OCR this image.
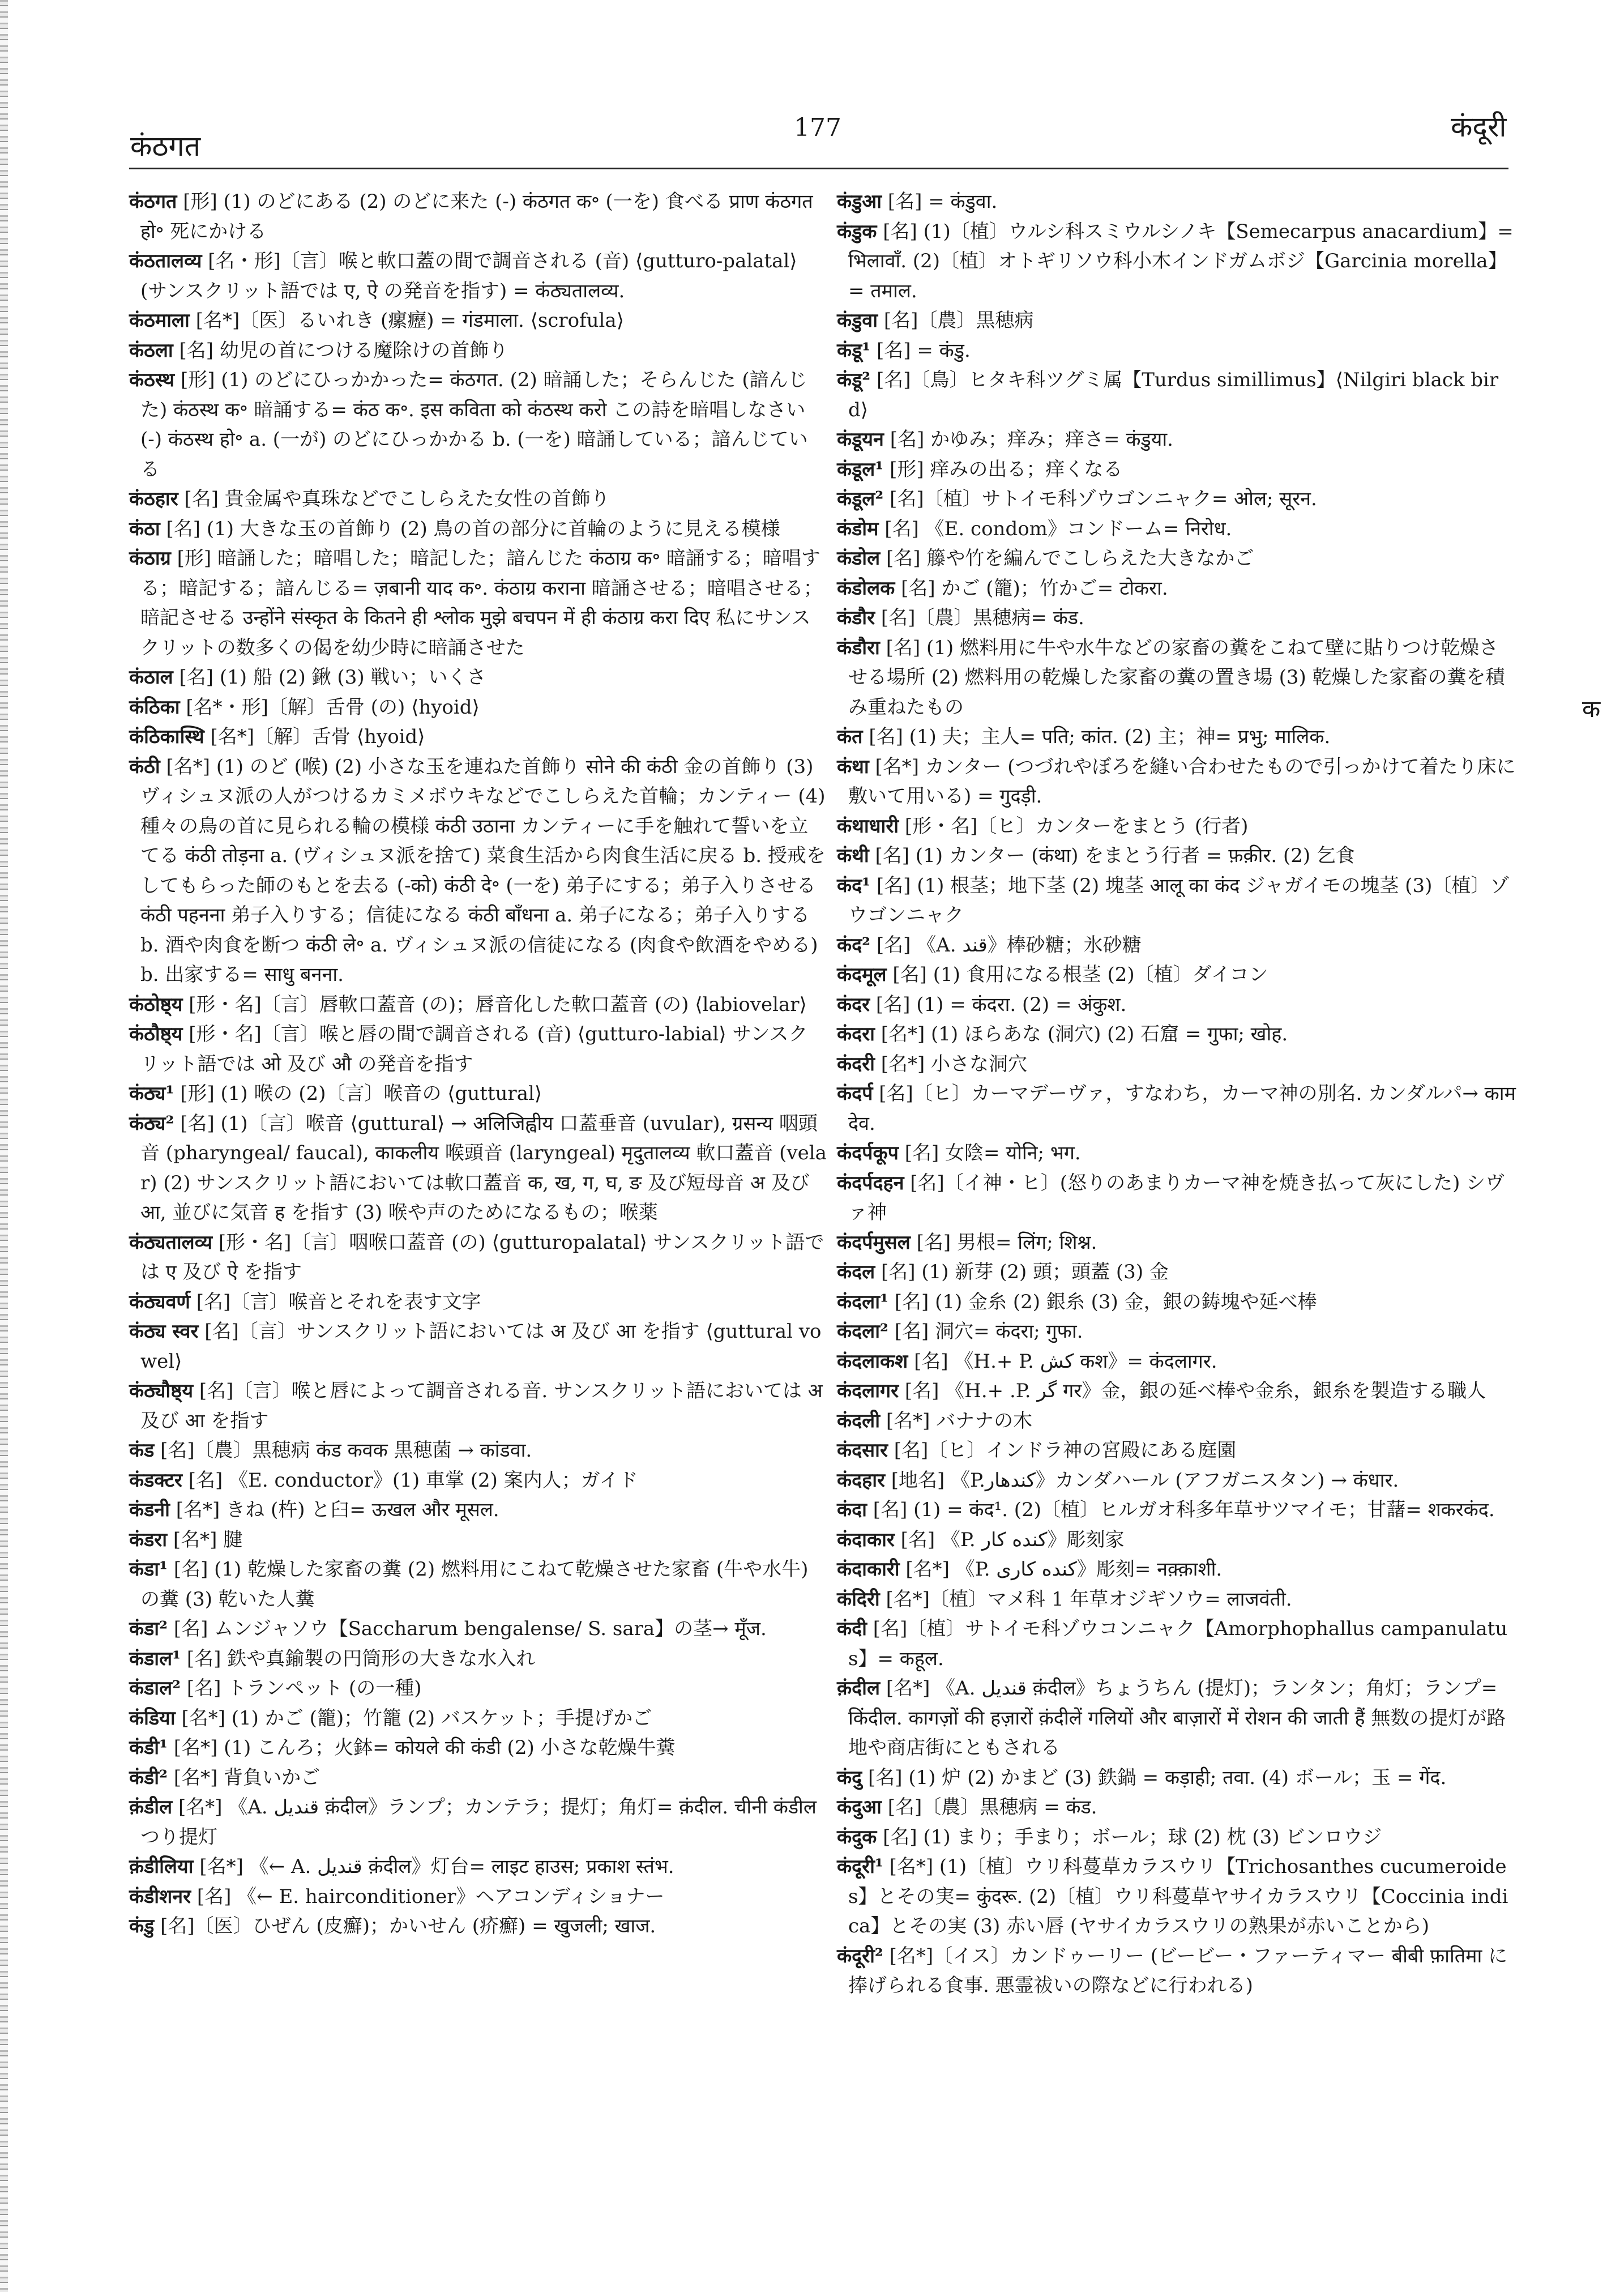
कंठगत
177	कंदूरी

कंठगत [形] (1) のどにある (2) のどに来た (-) कंठगत क॰ (一を) 食べる प्राण कंठगत हो॰ 死にかける

कंठतालव्य [名・形]〔言〕喉と軟口蓋の間で調音される (音) ⟨gutturo-palatal⟩ (サンスクリット語では ए, ऐ の発音を指す) = कंठ्यतालव्य.

कंठमाला [名*]〔医〕るいれき (瘰癧) = गंडमाला. ⟨scrofula⟩

कंठला [名] 幼児の首につける魔除けの首飾り

कंठस्थ [形] (1) のどにひっかかった= कंठगत. (2) 暗誦した；そらんじた (諳んじた) कंठस्थ क॰ 暗誦する= कंठ क॰. इस कविता को कंठस्थ करो この詩を暗唱しなさい (-) कंठस्थ हो॰ a. (一が) のどにひっかかる b. (一を) 暗誦している；諳んじている

कंठहार [名] 貴金属や真珠などでこしらえた女性の首飾り

कंठा [名] (1) 大きな玉の首飾り (2) 鳥の首の部分に首輪のように見える模様

कंठाग्र [形] 暗誦した；暗唱した；暗記した；諳んじた कंठाग्र क॰ 暗誦する；暗唱する；暗記する；諳んじる= ज़बानी याद क॰. कंठाग्र कराना 暗誦させる；暗唱させる；暗記させる उन्होंने संस्कृत के कितने ही श्लोक मुझे बचपन में ही कंठाग्र करा दिए 私にサンスクリットの数多くの偈を幼少時に暗誦させた

कंठाल [名] (1) 船 (2) 鍬 (3) 戦い；いくさ

कंठिका [名*・形]〔解〕舌骨 (の) ⟨hyoid⟩

कंठिकास्थि [名*]〔解〕舌骨 ⟨hyoid⟩

कंठी [名*] (1) のど (喉) (2) 小さな玉を連ねた首飾り सोने की कंठी 金の首飾り (3) ヴィシュヌ派の人がつけるカミメボウキなどでこしらえた首輪；カンティー (4) 種々の鳥の首に見られる輪の模様 कंठी उठाना カンティーに手を触れて誓いを立てる कंठी तोड़ना a. (ヴィシュヌ派を捨て) 菜食生活から肉食生活に戻る b. 授戒をしてもらった師のもとを去る (-को) कंठी दे॰ (一を) 弟子にする；弟子入りさせる कंठी पहनना 弟子入りする；信徒になる कंठी बाँधना a. 弟子になる；弟子入りする b. 酒や肉食を断つ कंठी ले॰ a. ヴィシュヌ派の信徒になる (肉食や飲酒をやめる) b. 出家する= साधु बनना.

कंठोष्ठ्य [形・名]〔言〕唇軟口蓋音 (の)；唇音化した軟口蓋音 (の) ⟨labiovelar⟩

कंठौष्ठ्य [形・名]〔言〕喉と唇の間で調音される (音) ⟨gutturo-labial⟩ サンスクリット語では ओ 及び औ の発音を指す

कंठ्य¹ [形] (1) 喉の (2)〔言〕喉音の ⟨guttural⟩

कंठ्य² [名] (1)〔言〕喉音 ⟨guttural⟩ → अलिजिह्वीय 口蓋垂音 (uvular), ग्रसन्य 咽頭音 (pharyngeal/ faucal), काकलीय 喉頭音 (laryngeal) मृदुतालव्य 軟口蓋音 (velar) (2) サンスクリット語においては軟口蓋音 क, ख, ग, घ, ङ 及び短母音 अ 及び आ, 並びに気音 ह を指す (3) 喉や声のためになるもの；喉薬

कंठ्यतालव्य [形・名]〔言〕咽喉口蓋音 (の) ⟨gutturopalatal⟩ サンスクリット語では ए 及び ऐ を指す

कंठ्यवर्ण [名]〔言〕喉音とそれを表す文字

कंठ्य स्वर [名]〔言〕サンスクリット語においては अ 及び आ を指す ⟨guttural vowel⟩

कंठ्यौष्ठ्य [名]〔言〕喉と唇によって調音される音. サンスクリット語においては अ 及び आ を指す

कंड [名]〔農〕黒穂病 कंड कवक 黒穂菌 → कांडवा.

कंडक्टर [名] 《E. conductor》(1) 車掌 (2) 案内人；ガイド

कंडनी [名*] きね (杵) と臼= ऊखल और मूसल.

कंडरा [名*] 腱

कंडा¹ [名] (1) 乾燥した家畜の糞 (2) 燃料用にこねて乾燥させた家畜 (牛や水牛) の糞 (3) 乾いた人糞

कंडा² [名] ムンジャソウ【Saccharum bengalense/ S. sara】の茎→ मूँज.

कंडाल¹ [名] 鉄や真鍮製の円筒形の大きな水入れ

कंडाल² [名] トランペット (の一種)

कंडिया [名*] (1) かご (籠)；竹籠 (2) バスケット；手提げかご

कंडी¹ [名*] (1) こんろ；火鉢= कोयले की कंडी (2) 小さな乾燥牛糞

कंडी² [名*] 背負いかご

क़ंडील [名*] 《A. قنديل क़ंदील》ランプ；カンテラ；提灯；角灯= क़ंदील. चीनी कंडील つり提灯

क़ंडीलिया [名*] 《← A. قنديل क़ंदील》灯台= लाइट हाउस; प्रकाश स्तंभ.

कंडीशनर [名] 《← E. hairconditioner》ヘアコンディショナー

कंडु [名]〔医〕ひぜん (皮癬)；かいせん (疥癬) = खुजली; खाज.

कंडुआ [名] = कंडुवा.

कंडुक [名] (1)〔植〕ウルシ科スミウルシノキ【Semecarpus anacardium】= भिलावाँ. (2)〔植〕オトギリソウ科小木インドガムボジ【Garcinia morella】= तमाल.

कंडुवा [名]〔農〕黒穂病

कंडू¹ [名] = कंडु.

कंडू² [名]〔鳥〕ヒタキ科ツグミ属【Turdus simillimus】⟨Nilgiri black bird⟩

कंडूयन [名] かゆみ；痒み；痒さ= कंडुया.

कंडूल¹ [形] 痒みの出る；痒くなる

कंडूल² [名]〔植〕サトイモ科ゾウゴンニャク= ओल; सूरन.

कंडोम [名] 《E. condom》コンドーム= निरोध.

कंडोल [名] 籐や竹を編んでこしらえた大きなかご

कंडोलक [名] かご (籠)；竹かご= टोकरा.

कंडौर [名]〔農〕黒穂病= कंड.

कंडौरा [名] (1) 燃料用に牛や水牛などの家畜の糞をこねて壁に貼りつけ乾燥させる場所 (2) 燃料用の乾燥した家畜の糞の置き場 (3) 乾燥した家畜の糞を積み重ねたもの

कंत [名] (1) 夫；主人= पति; कांत. (2) 主；神= प्रभु; मालिक.

कंथा [名*] カンター (つづれやぼろを縫い合わせたもので引っかけて着たり床に敷いて用いる) = गुदड़ी.

कंथाधारी [形・名]〔ヒ〕カンターをまとう (行者)

कंथी [名] (1) カンター (कंथा) をまとう行者 = फ़क़ीर. (2) 乞食

कंद¹ [名] (1) 根茎；地下茎 (2) 塊茎 आलू का कंद ジャガイモの塊茎 (3)〔植〕ゾウゴンニャク

कंद² [名] 《A. قند》棒砂糖；氷砂糖

कंदमूल [名] (1) 食用になる根茎 (2)〔植〕ダイコン

कंदर [名] (1) = कंदरा. (2) = अंकुश.

कंदरा [名*] (1) ほらあな (洞穴) (2) 石窟 = गुफा; खोह.

कंदरी [名*] 小さな洞穴

कंदर्प [名]〔ヒ〕カーマデーヴァ，すなわち，カーマ神の別名. カンダルパ→ कामदेव.

कंदर्पकूप [名] 女陰= योनि; भग.

कंदर्पदहन [名]〔イ神・ヒ〕(怒りのあまりカーマ神を焼き払って灰にした) シヴァ神

कंदर्पमुसल [名] 男根= लिंग; शिश्न.

कंदल [名] (1) 新芽 (2) 頭；頭蓋 (3) 金

कंदला¹ [名] (1) 金糸 (2) 銀糸 (3) 金，銀の鋳塊や延べ棒

कंदला² [名] 洞穴= कंदरा; गुफा.

कंदलाकश [名] 《H.+ P. کش कश》= कंदलागर.

कंदलागर [名] 《H.+ .P. گر गर》金，銀の延べ棒や金糸，銀糸を製造する職人

कंदली [名*] バナナの木

कंदसार [名]〔ヒ〕インドラ神の宮殿にある庭園

कंदहार [地名] 《P.کندهار》カンダハール (アフガニスタン) → कंधार.

कंदा [名] (1) = कंद¹. (2)〔植〕ヒルガオ科多年草サツマイモ；甘藷= शकरकंद.

कंदाकार [名] 《P. کنده کار》彫刻家

कंदाकारी [名*] 《P. کنده کاری》彫刻= नक़्क़ाशी.

कंदिरी [名*]〔植〕マメ科 1 年草オジギソウ= लाजवंती.

कंदी [名]〔植〕サトイモ科ゾウコンニャク【Amorphophallus campanulatus】= कहूल.

क़ंदील [名*] 《A. قنديل क़ंदील》ちょうちん (提灯)；ランタン；角灯；ランプ= किंदील. कागज़ों की हज़ारों क़ंदीलें गलियों और बाज़ारों में रोशन की जाती हैं 無数の提灯が路地や商店街にともされる

कंदु [名] (1) 炉 (2) かまど (3) 鉄鍋 = कड़ाही; तवा. (4) ボール；玉 = गेंद.

कंदुआ [名]〔農〕黒穂病 = कंड.

कंदुक [名] (1) まり；手まり；ボール；球 (2) 枕 (3) ビンロウジ

कंदूरी¹ [名*] (1)〔植〕ウリ科蔓草カラスウリ【Trichosanthes cucumeroides】とその実= कुंदरू. (2)〔植〕ウリ科蔓草ヤサイカラスウリ【Coccinia indica】とその実 (3) 赤い唇 (ヤサイカラスウリの熟果が赤いことから)

कंदूरी² [名*]〔イス〕カンドゥーリー (ビービー・ファーティマー बीबी फ़ातिमा に捧げられる食事. 悪霊祓いの際などに行われる)

क
